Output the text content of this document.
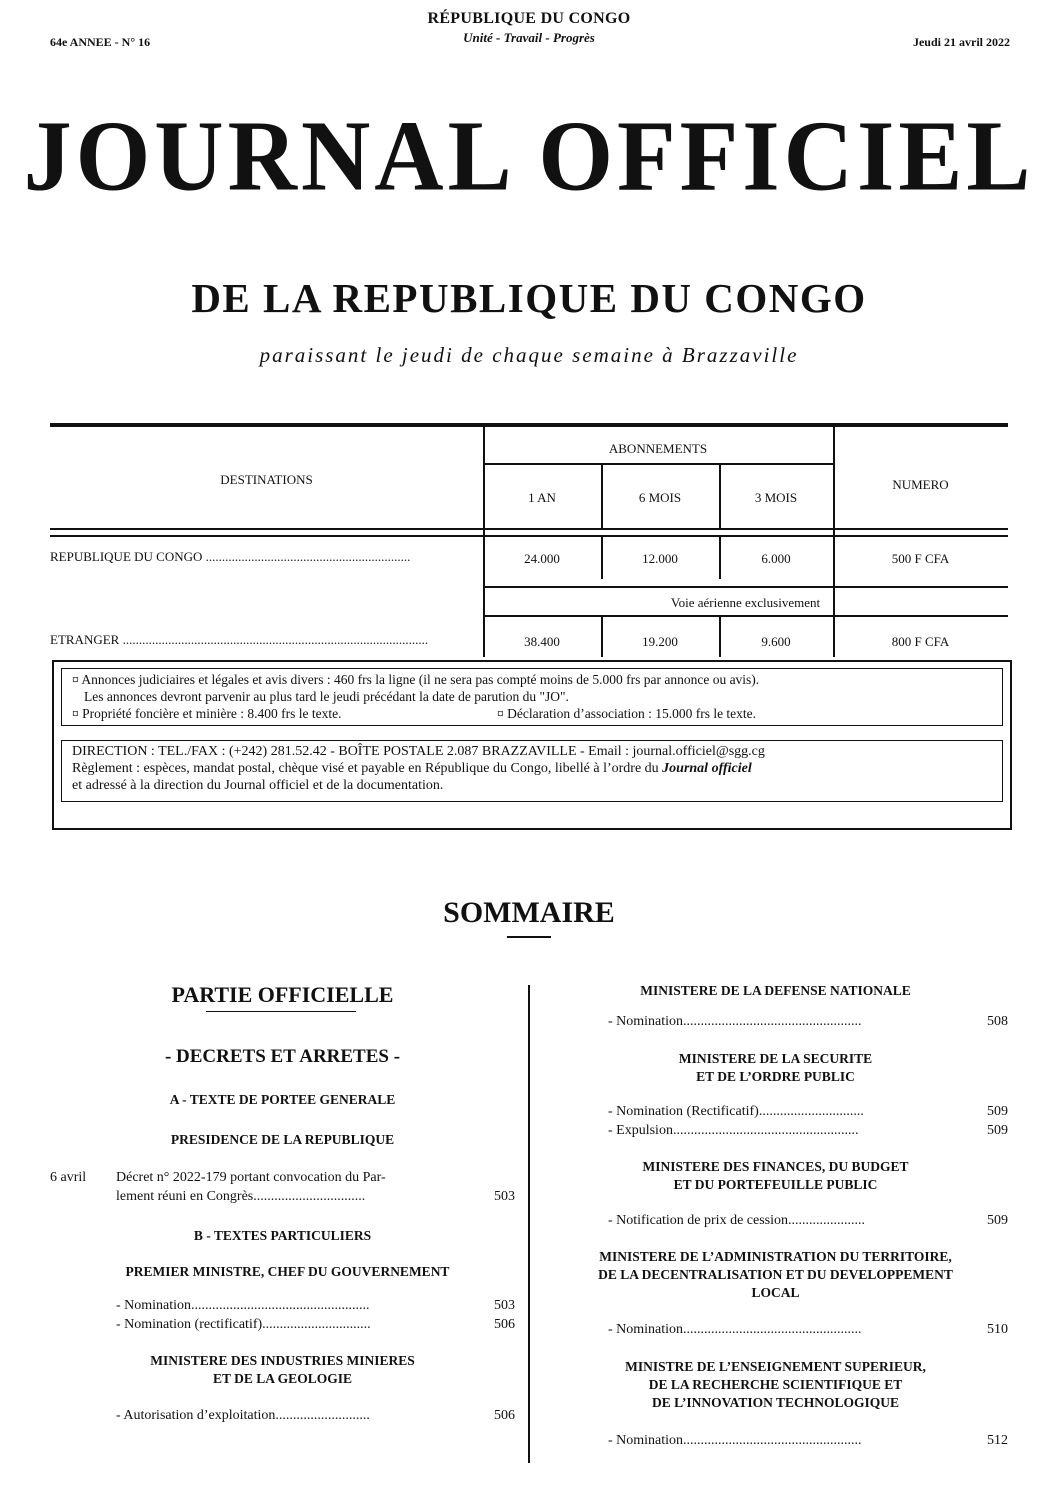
64e ANNEE - N° 16
RÉPUBLIQUE DU CONGO
Unité - Travail - Progrès	Jeudi 21 avril 2022
JOURNAL OFFICIEL
DE LA REPUBLIQUE DU CONGO
paraissant le jeudi de chaque semaine à Brazzaville
DESTINATIONS
ABONNEMENTS
NUMERO
1 AN	6 MOIS	3 MOIS
REPUBLIQUE DU CONGO ...............................................................	24.000	12.000	6.000	500 F CFA
Voie aérienne exclusivement
ETRANGER ..............................................................................................	38.400	19.200	9.600	800 F CFA
¤ Annonces judiciaires et légales et avis divers : 460 frs la ligne (il ne sera pas compté moins de 5.000 frs par annonce ou avis).
Les annonces devront parvenir au plus tard le jeudi précédant la date de parution du "JO".
¤ Propriété foncière et minière : 8.400 frs le texte.	¤ Déclaration d’association : 15.000 frs le texte.
DIRECTION : TEL./FAX : (+242) 281.52.42 - BOÎTE POSTALE 2.087 BRAZZAVILLE - Email : journal.officiel@sgg.cg
Règlement : espèces, mandat postal, chèque visé et payable en République du Congo, libellé à l’ordre du Journal officiel
et adressé à la direction du Journal officiel et de la documentation.
SOMMAIRE
PARTIE OFFICIELLE
- DECRETS ET ARRETES -
A - TEXTE DE PORTEE GENERALE
PRESIDENCE DE LA REPUBLIQUE
6 avril Décret n° 2022-179 portant convocation du Par-
lement réuni en Congrès................................	503
B - TEXTES PARTICULIERS
PREMIER MINISTRE, CHEF DU GOUVERNEMENT
- Nomination...................................................	503
- Nomination (rectificatif)...............................	506
MINISTERE DES INDUSTRIES MINIERES
ET DE LA GEOLOGIE
- Autorisation d’exploitation...........................	506
MINISTERE DE LA DEFENSE NATIONALE
- Nomination...................................................	508
MINISTERE DE LA SECURITE
ET DE L’ORDRE PUBLIC
- Nomination (Rectificatif)..............................	509
- Expulsion.....................................................	509
MINISTERE DES FINANCES, DU BUDGET
ET DU PORTEFEUILLE PUBLIC
- Notification de prix de cession......................	509
MINISTERE DE L’ADMINISTRATION DU TERRITOIRE,
DE LA DECENTRALISATION ET DU DEVELOPPEMENT
LOCAL
- Nomination...................................................	510
MINISTRE DE L’ENSEIGNEMENT SUPERIEUR,
DE LA RECHERCHE SCIENTIFIQUE ET
DE L’INNOVATION TECHNOLOGIQUE
- Nomination...................................................	512
